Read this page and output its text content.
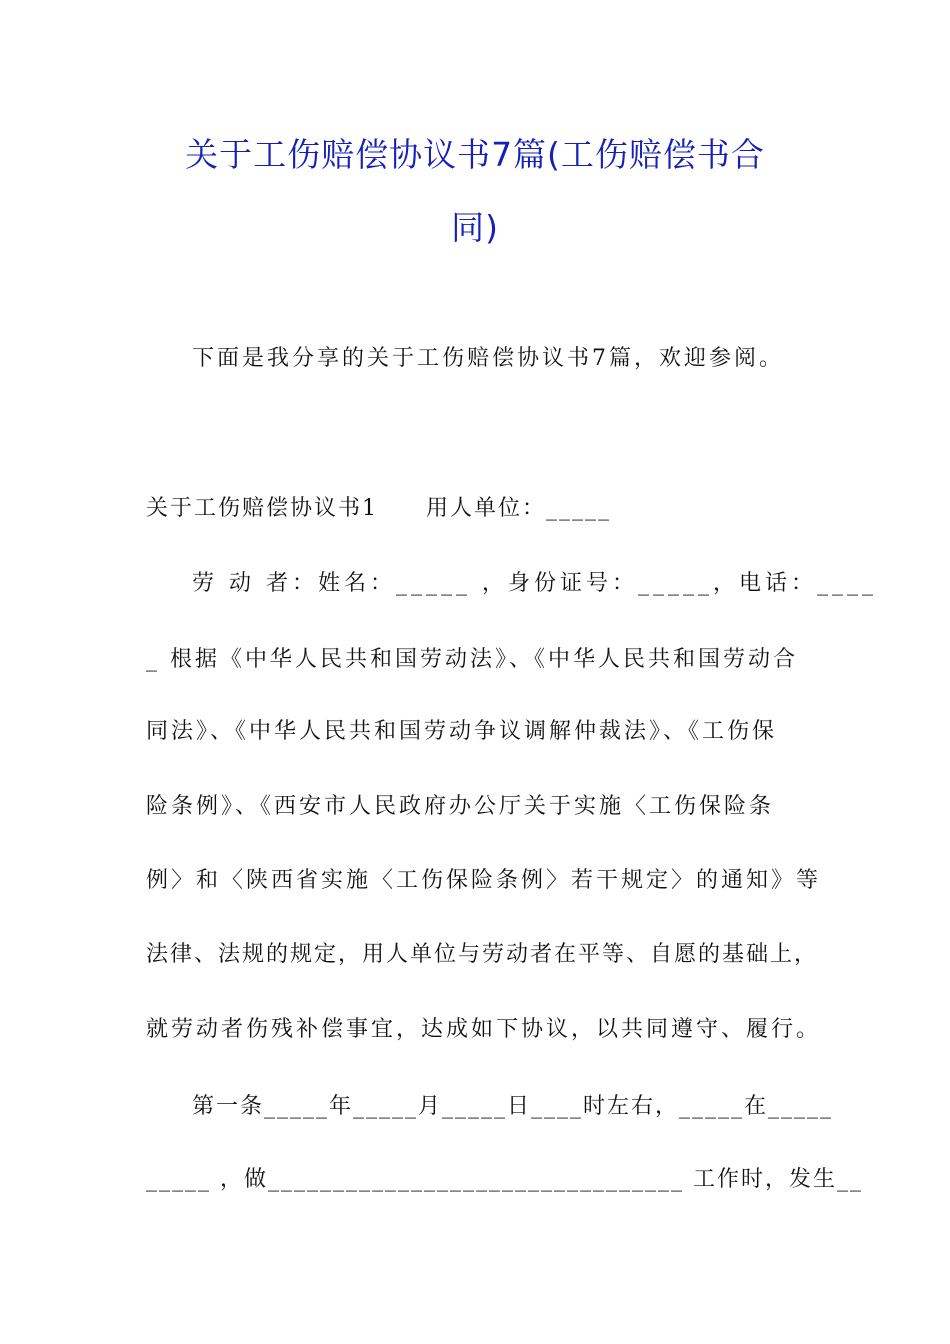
关于工伤赔偿协议书7篇(工伤赔偿书合
同)
下面是我分享的关于工伤赔偿协议书7篇，欢迎参阅。
关于工伤赔偿协议书1　　用人单位：_____
劳 动 者：姓名：_____ ，身份证号：_____，电话：____
_ 根据《中华人民共和国劳动法》、《中华人民共和国劳动合
同法》、《中华人民共和国劳动争议调解仲裁法》、《工伤保
险条例》、《西安市人民政府办公厅关于实施〈工伤保险条
例〉和〈陕西省实施〈工伤保险条例〉若干规定〉的通知》等
法律、法规的规定，用人单位与劳动者在平等、自愿的基础上，
就劳动者伤残补偿事宜，达成如下协议，以共同遵守、履行。
第一条_____年_____月_____日____时左右，_____在_____
_____ ，做________________________________ 工作时，发生__
